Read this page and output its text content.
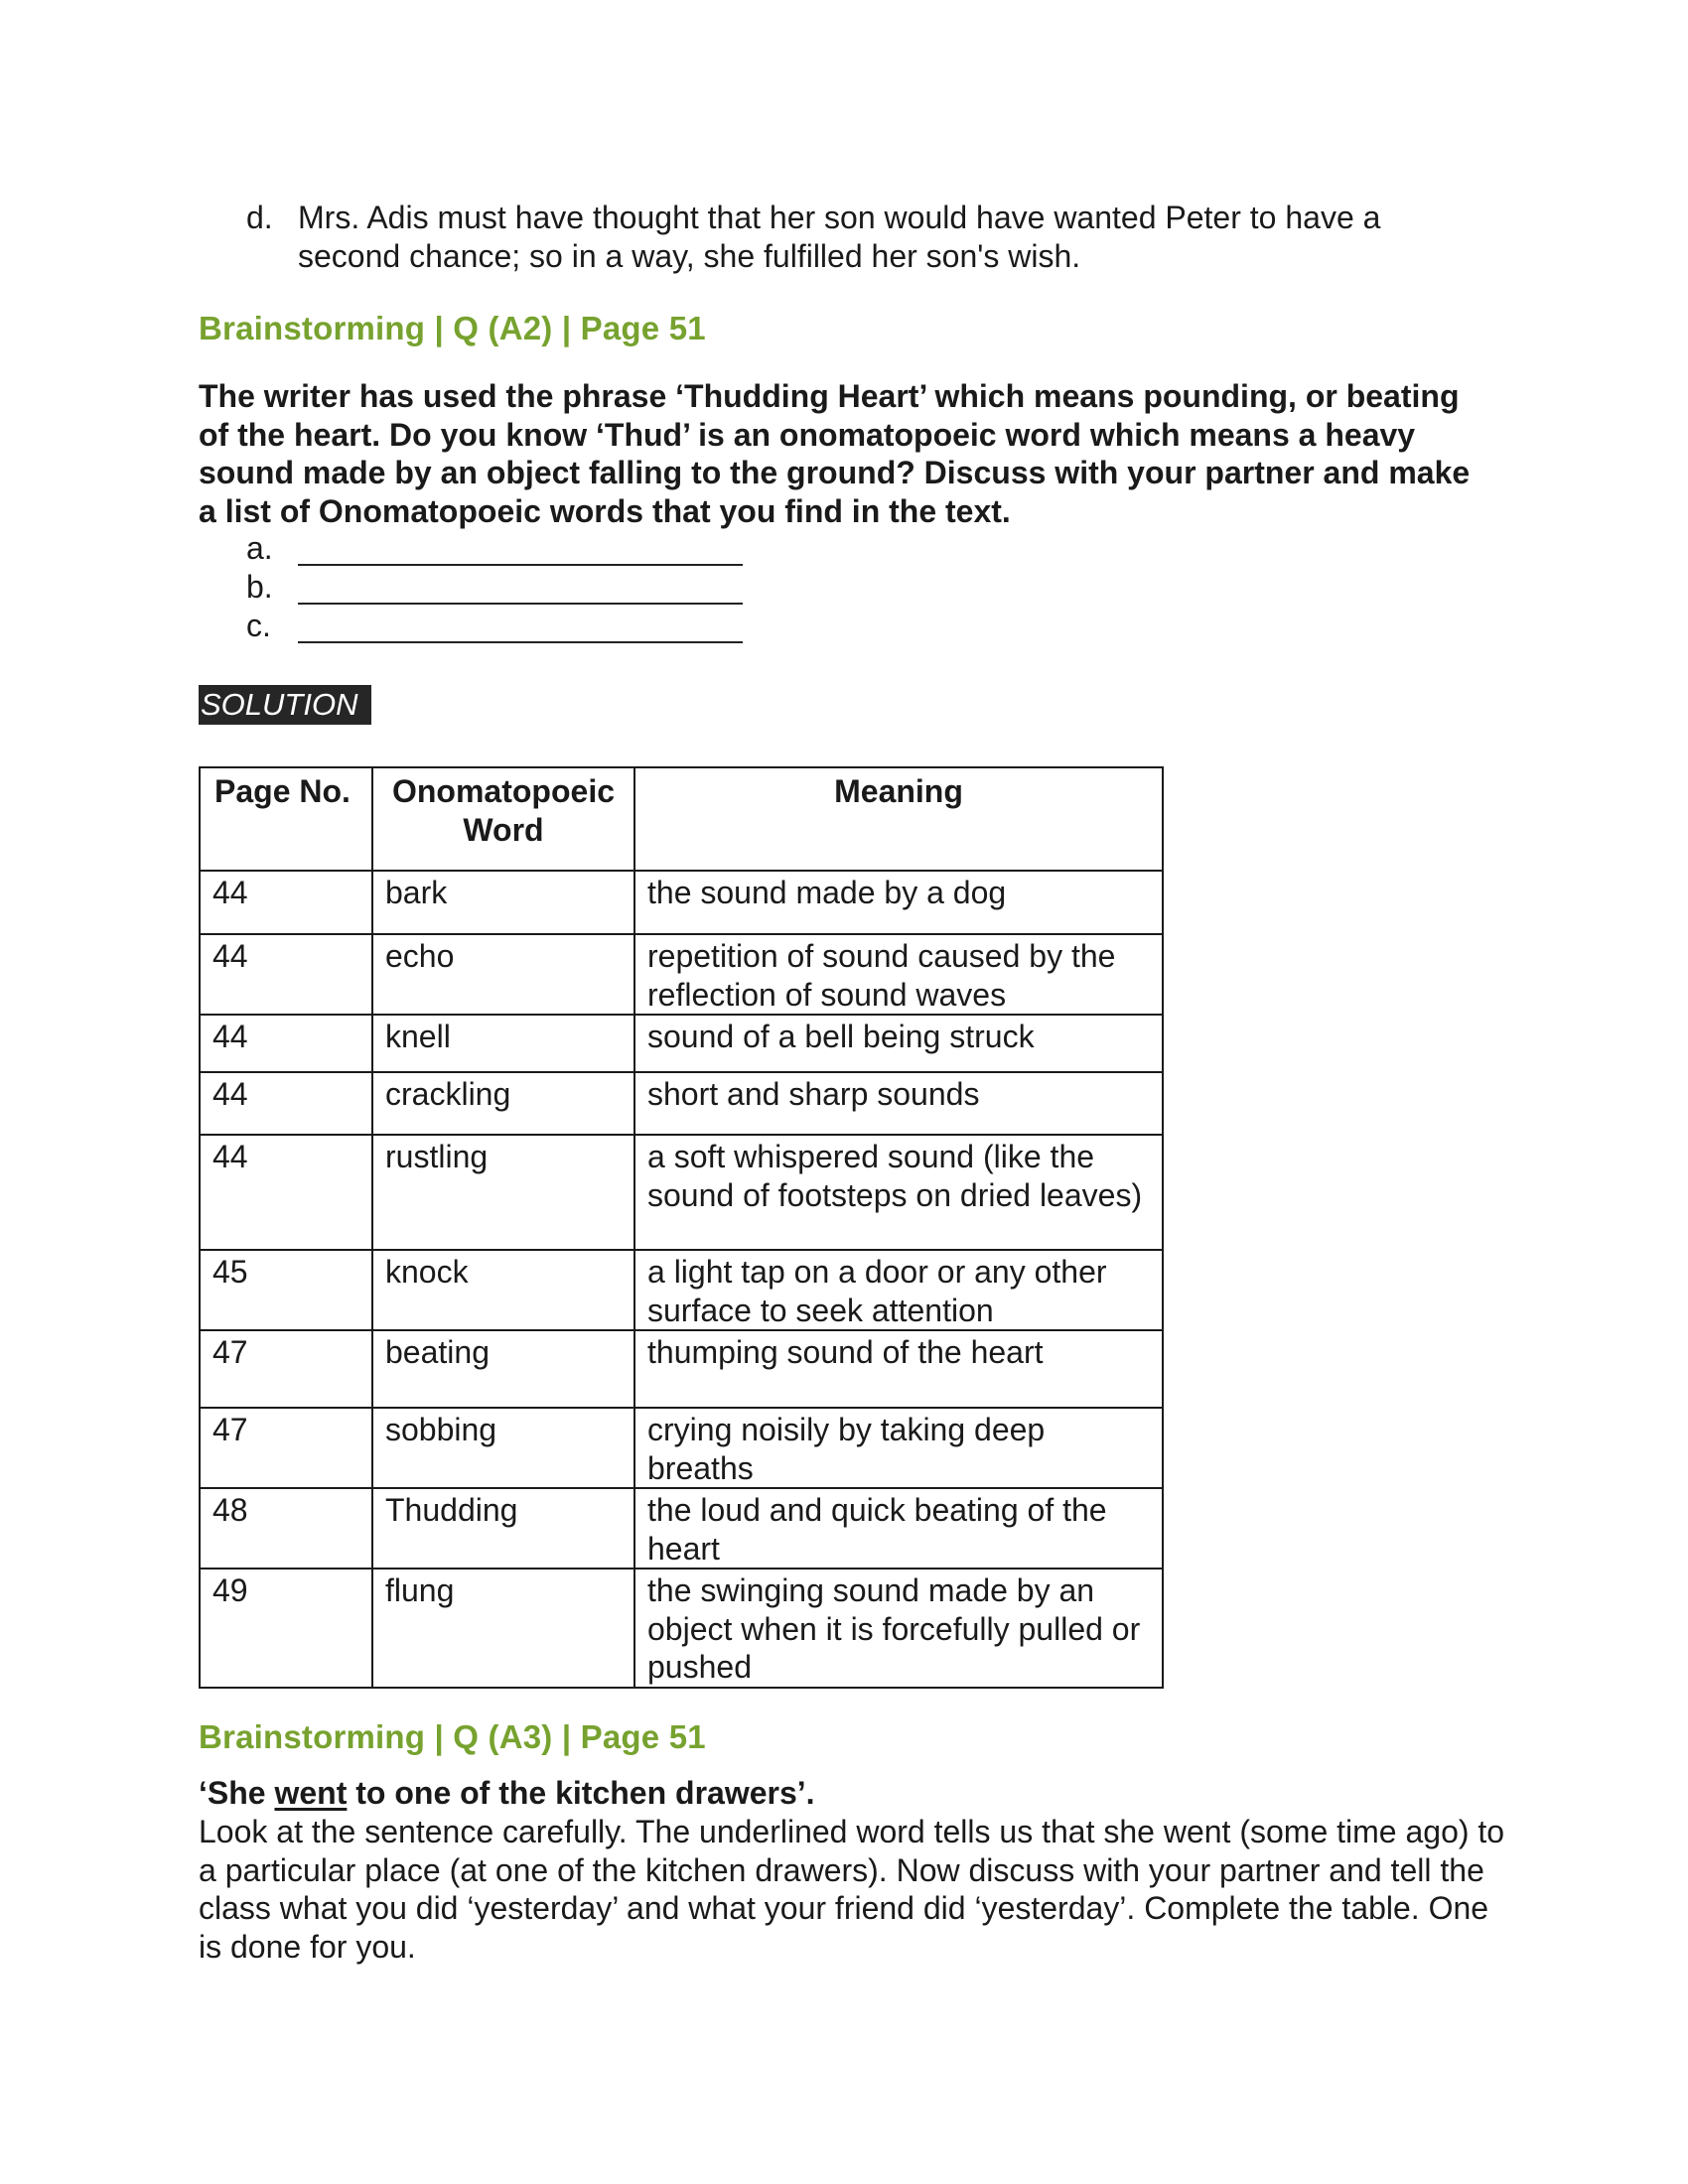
d. Mrs. Adis must have thought that her son would have wanted Peter to have a second chance; so in a way, she fulfilled her son's wish.
Brainstorming | Q (A2) | Page 51
The writer has used the phrase ‘Thudding Heart’ which means pounding, or beating of the heart. Do you know ‘Thud’ is an onomatopoeic word which means a heavy sound made by an object falling to the ground? Discuss with your partner and make a list of Onomatopoeic words that you find in the text.
a.
b.
c.
SOLUTION
Page No.	Onomatopoeic Word	Meaning
44	bark	the sound made by a dog
44	echo	repetition of sound caused by the reflection of sound waves
44	knell	sound of a bell being struck
44	crackling	short and sharp sounds
44	rustling	a soft whispered sound (like the sound of footsteps on dried leaves)
45	knock	a light tap on a door or any other surface to seek attention
47	beating	thumping sound of the heart
47	sobbing	crying noisily by taking deep breaths
48	Thudding	the loud and quick beating of the heart
49	flung	the swinging sound made by an object when it is forcefully pulled or pushed
Brainstorming | Q (A3) | Page 51
‘She went to one of the kitchen drawers’.
Look at the sentence carefully. The underlined word tells us that she went (some time ago) to a particular place (at one of the kitchen drawers). Now discuss with your partner and tell the class what you did ‘yesterday’ and what your friend did ‘yesterday’. Complete the table. One is done for you.
